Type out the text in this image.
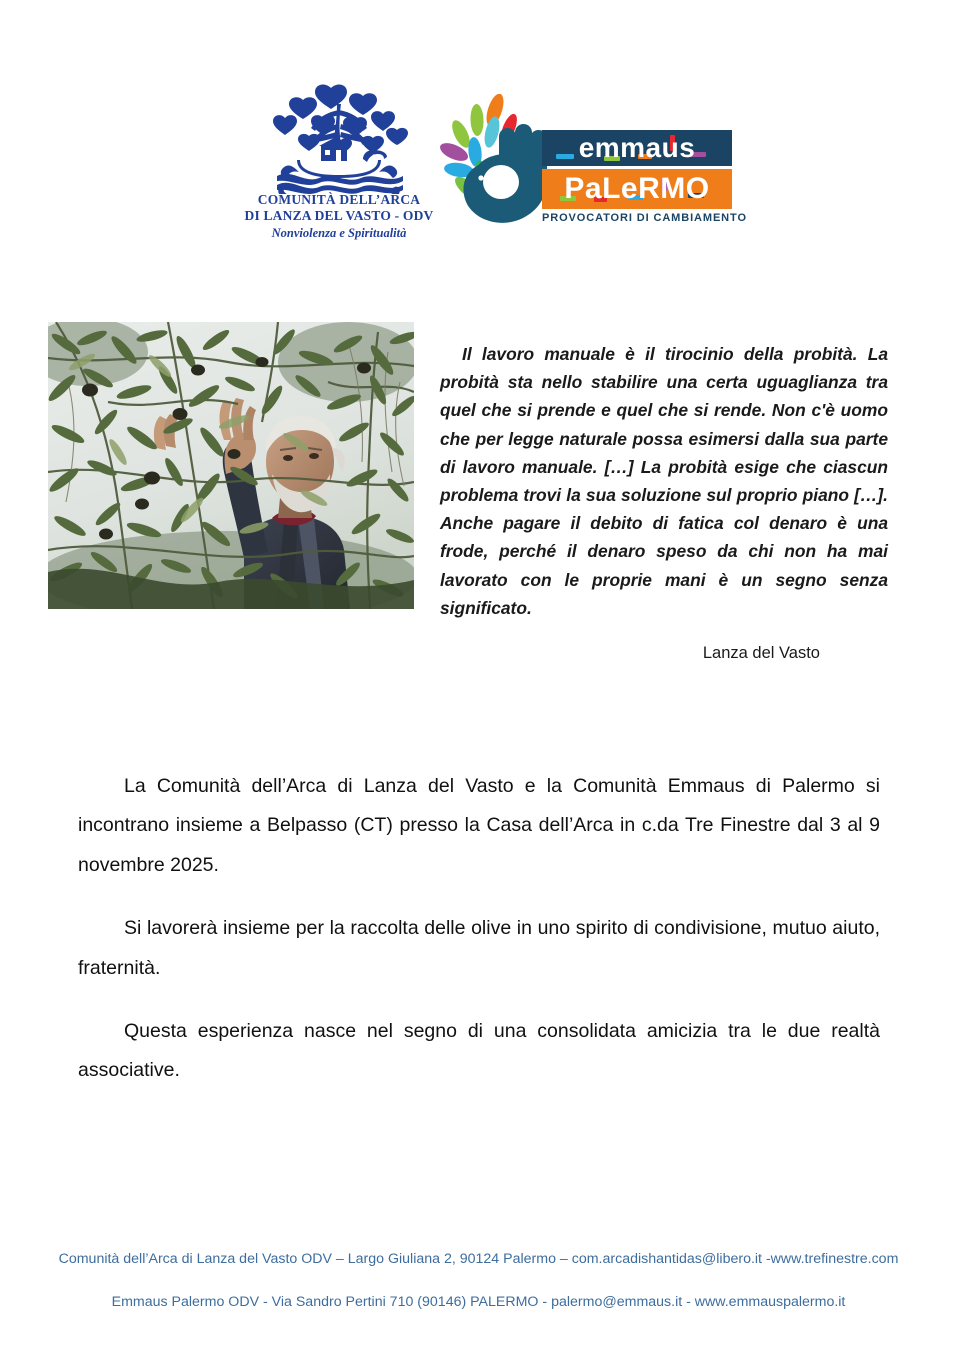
COMUNITÀ DELL’ARCA
DI LANZA DEL VASTO - ODV
Nonviolenza e Spiritualità
emmaus
PaLeRMO
PROVOCATORI DI CAMBIAMENTO

Il lavoro manuale è il tirocinio della probità. La probità sta nello stabilire una certa uguaglianza tra quel che si prende e quel che si rende. Non c'è uomo che per legge naturale possa esimersi dalla sua parte di lavoro manuale. […] La probità esige che ciascun problema trovi la sua soluzione sul proprio piano […]. Anche pagare il debito di fatica col denaro è una frode, perché il denaro speso da chi non ha mai lavorato con le proprie mani è un segno senza significato.

Lanza del Vasto

La Comunità dell’Arca di Lanza del Vasto e la Comunità Emmaus di Palermo si incontrano insieme a Belpasso (CT) presso la Casa dell’Arca in c.da Tre Finestre dal 3 al 9 novembre 2025.

Si lavorerà insieme per la raccolta delle olive in uno spirito di condivisione, mutuo aiuto, fraternità.

Questa esperienza nasce nel segno di una consolidata amicizia tra le due realtà associative.

Comunità dell’Arca di Lanza del Vasto ODV – Largo Giuliana 2, 90124 Palermo – com.arcadishantidas@libero.it -www.trefinestre.com
Emmaus Palermo ODV - Via Sandro Pertini 710 (90146) PALERMO - palermo@emmaus.it - www.emmauspalermo.it
